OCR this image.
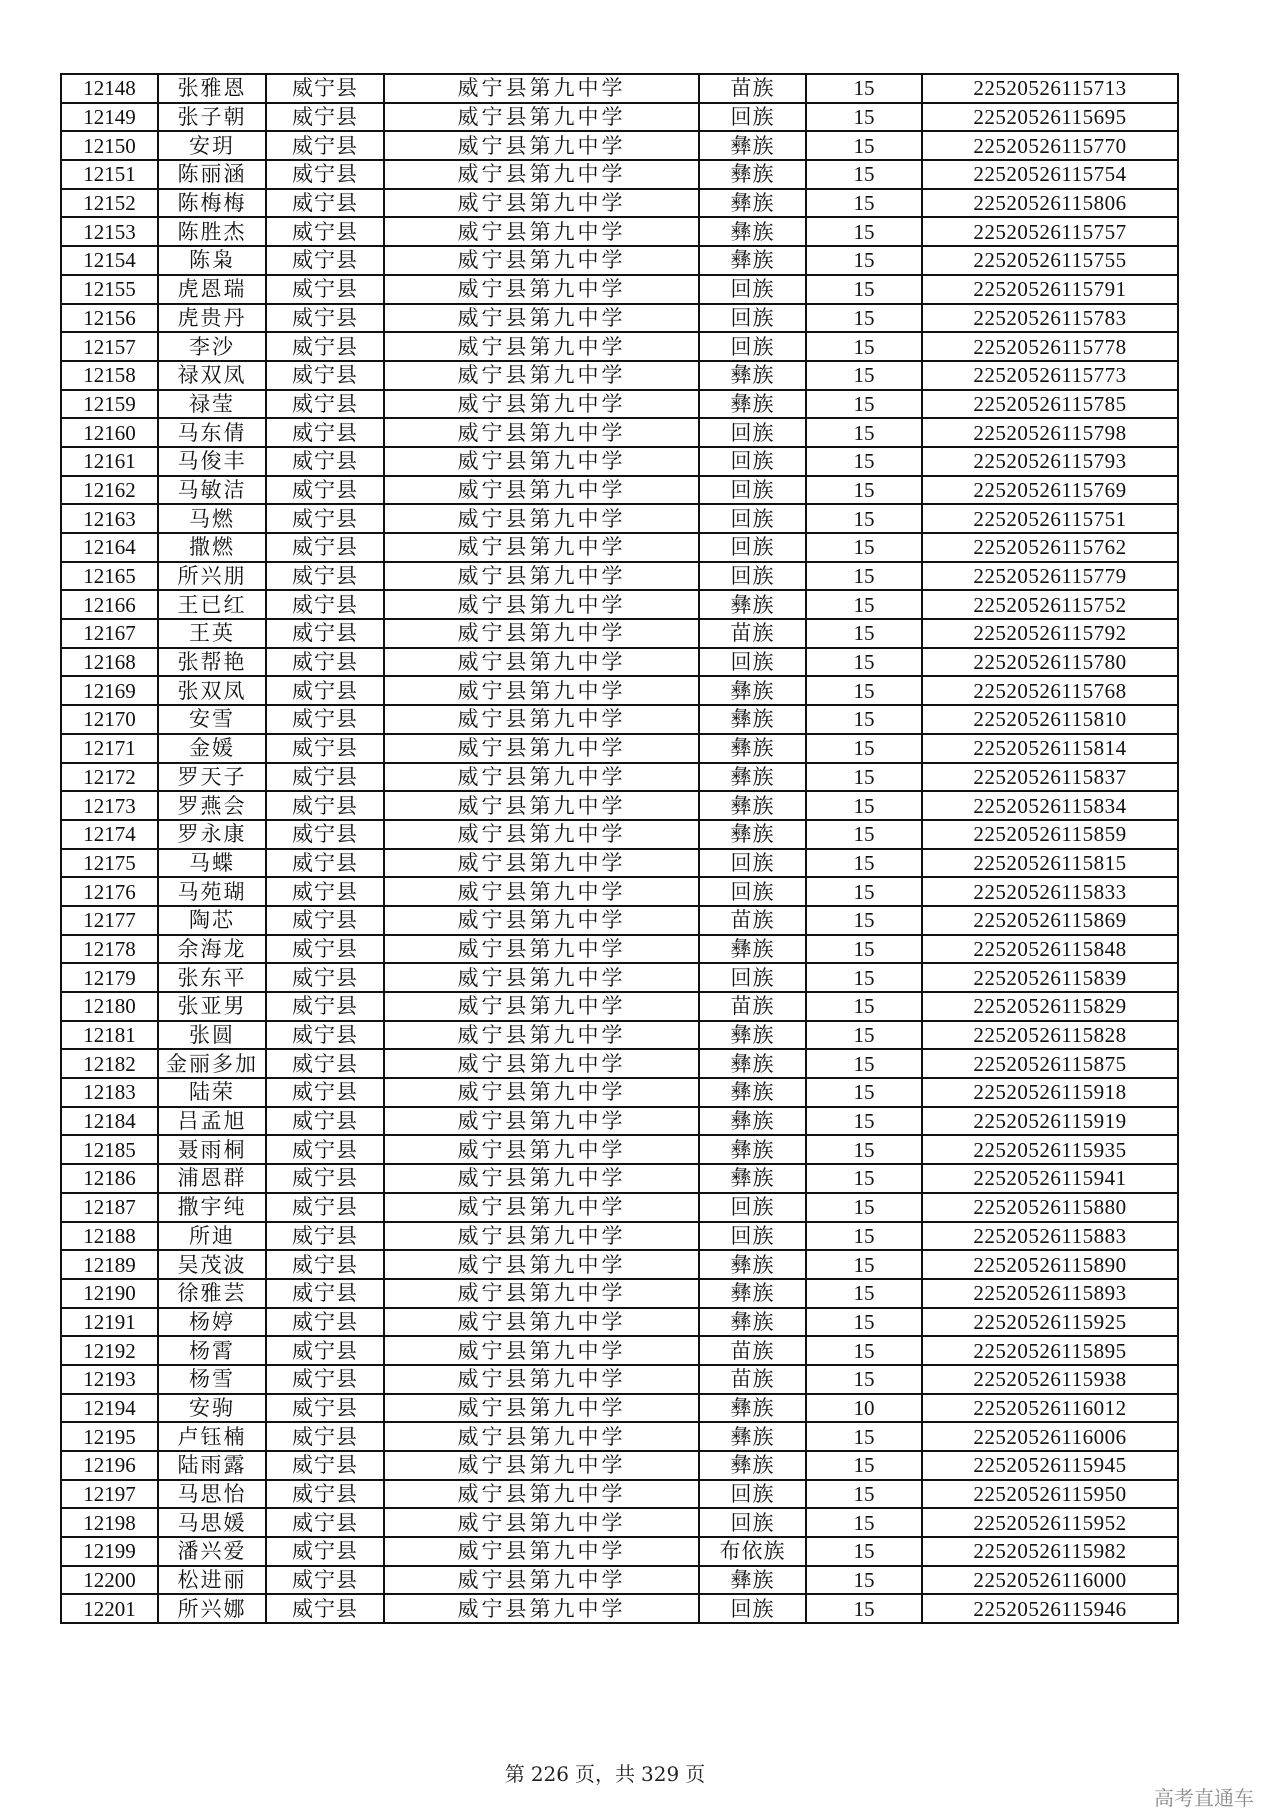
12148	张雅恩	威宁县	威宁县第九中学	苗族	15	22520526115713
12149	张子朝	威宁县	威宁县第九中学	回族	15	22520526115695
12150	安玥	威宁县	威宁县第九中学	彝族	15	22520526115770
12151	陈丽涵	威宁县	威宁县第九中学	彝族	15	22520526115754
12152	陈梅梅	威宁县	威宁县第九中学	彝族	15	22520526115806
12153	陈胜杰	威宁县	威宁县第九中学	彝族	15	22520526115757
12154	陈枭	威宁县	威宁县第九中学	彝族	15	22520526115755
12155	虎恩瑞	威宁县	威宁县第九中学	回族	15	22520526115791
12156	虎贵丹	威宁县	威宁县第九中学	回族	15	22520526115783
12157	李沙	威宁县	威宁县第九中学	回族	15	22520526115778
12158	禄双凤	威宁县	威宁县第九中学	彝族	15	22520526115773
12159	禄莹	威宁县	威宁县第九中学	彝族	15	22520526115785
12160	马东倩	威宁县	威宁县第九中学	回族	15	22520526115798
12161	马俊丰	威宁县	威宁县第九中学	回族	15	22520526115793
12162	马敏洁	威宁县	威宁县第九中学	回族	15	22520526115769
12163	马燃	威宁县	威宁县第九中学	回族	15	22520526115751
12164	撒燃	威宁县	威宁县第九中学	回族	15	22520526115762
12165	所兴朋	威宁县	威宁县第九中学	回族	15	22520526115779
12166	王已红	威宁县	威宁县第九中学	彝族	15	22520526115752
12167	王英	威宁县	威宁县第九中学	苗族	15	22520526115792
12168	张帮艳	威宁县	威宁县第九中学	回族	15	22520526115780
12169	张双凤	威宁县	威宁县第九中学	彝族	15	22520526115768
12170	安雪	威宁县	威宁县第九中学	彝族	15	22520526115810
12171	金媛	威宁县	威宁县第九中学	彝族	15	22520526115814
12172	罗天子	威宁县	威宁县第九中学	彝族	15	22520526115837
12173	罗燕会	威宁县	威宁县第九中学	彝族	15	22520526115834
12174	罗永康	威宁县	威宁县第九中学	彝族	15	22520526115859
12175	马蝶	威宁县	威宁县第九中学	回族	15	22520526115815
12176	马苑瑚	威宁县	威宁县第九中学	回族	15	22520526115833
12177	陶芯	威宁县	威宁县第九中学	苗族	15	22520526115869
12178	余海龙	威宁县	威宁县第九中学	彝族	15	22520526115848
12179	张东平	威宁县	威宁县第九中学	回族	15	22520526115839
12180	张亚男	威宁县	威宁县第九中学	苗族	15	22520526115829
12181	张圆	威宁县	威宁县第九中学	彝族	15	22520526115828
12182	金丽多加	威宁县	威宁县第九中学	彝族	15	22520526115875
12183	陆荣	威宁县	威宁县第九中学	彝族	15	22520526115918
12184	吕孟旭	威宁县	威宁县第九中学	彝族	15	22520526115919
12185	聂雨桐	威宁县	威宁县第九中学	彝族	15	22520526115935
12186	浦恩群	威宁县	威宁县第九中学	彝族	15	22520526115941
12187	撒宇纯	威宁县	威宁县第九中学	回族	15	22520526115880
12188	所迪	威宁县	威宁县第九中学	回族	15	22520526115883
12189	吴茂波	威宁县	威宁县第九中学	彝族	15	22520526115890
12190	徐雅芸	威宁县	威宁县第九中学	彝族	15	22520526115893
12191	杨婷	威宁县	威宁县第九中学	彝族	15	22520526115925
12192	杨霄	威宁县	威宁县第九中学	苗族	15	22520526115895
12193	杨雪	威宁县	威宁县第九中学	苗族	15	22520526115938
12194	安驹	威宁县	威宁县第九中学	彝族	10	22520526116012
12195	卢钰楠	威宁县	威宁县第九中学	彝族	15	22520526116006
12196	陆雨露	威宁县	威宁县第九中学	彝族	15	22520526115945
12197	马思怡	威宁县	威宁县第九中学	回族	15	22520526115950
12198	马思媛	威宁县	威宁县第九中学	回族	15	22520526115952
12199	潘兴爱	威宁县	威宁县第九中学	布依族	15	22520526115982
12200	松进丽	威宁县	威宁县第九中学	彝族	15	22520526116000
12201	所兴娜	威宁县	威宁县第九中学	回族	15	22520526115946
第 226 页，共 329 页
高考直通车
